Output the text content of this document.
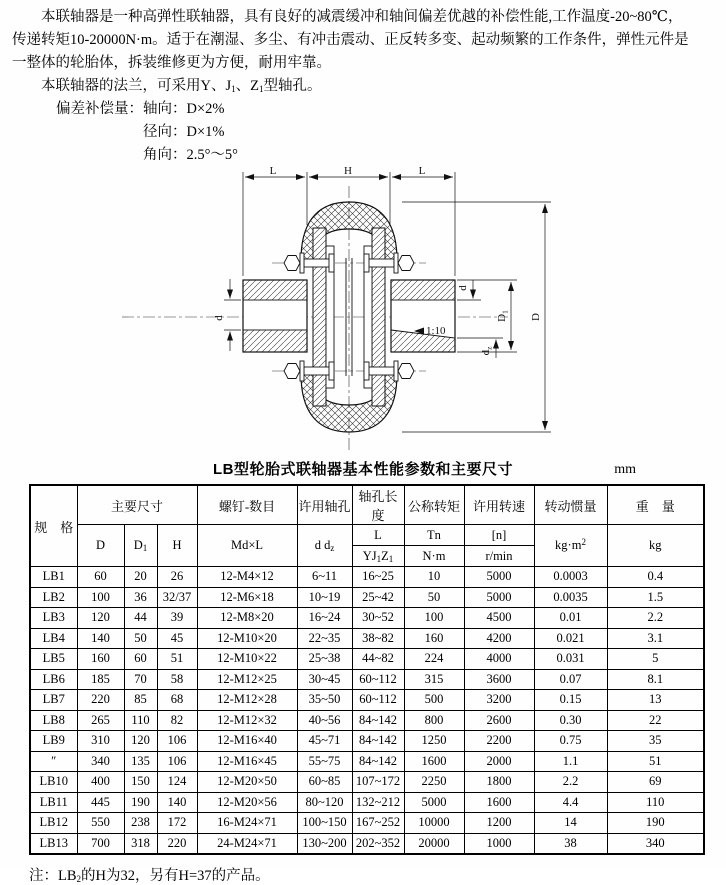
本联轴器是一种高弹性联轴器，具有良好的减震缓冲和轴间偏差优越的补偿性能,工作温度-20~80℃，
传递转矩10-20000N·m。适于在潮湿、多尘、有冲击震动、正反转多变、起动频繁的工作条件，弹性元件是
一整体的轮胎体，拆装维修更为方便，耐用牢靠。
本联轴器的法兰，可采用Y、$J_1$、$Z_1$型轴孔。
偏差补偿量： 轴向：D×2%
径向：D×1%
角向：2.5°～5°
L	H	L
d
d
$d_z$
$D_1$
D
1:10
LB型轮胎式联轴器基本性能参数和主要尺寸	mm
规　格	主要尺寸			螺钉-数目	许用轴孔	轴孔长度	公称转矩	许用转速	转动惯量	重　量
	D	$D_1$	H	Md×L	d $d_z$	L	Tn	[n]	$kg\cdot m^2$	kg
						$YJ_1Z_1$	N·m	r/min		
LB1	60	20	26	12-M4×12	6~11	16~25	10	5000	0.0003	0.4
LB2	100	36	32/37	12-M6×18	10~19	25~42	50	5000	0.0035	1.5
LB3	120	44	39	12-M8×20	16~24	30~52	100	4500	0.01	2.2
LB4	140	50	45	12-M10×20	22~35	38~82	160	4200	0.021	3.1
LB5	160	60	51	12-M10×22	25~38	44~82	224	4000	0.031	5
LB6	185	70	58	12-M12×25	30~45	60~112	315	3600	0.07	8.1
LB7	220	85	68	12-M12×28	35~50	60~112	500	3200	0.15	13
LB8	265	110	82	12-M12×32	40~56	84~142	800	2600	0.30	22
LB9	310	120	106	12-M16×40	45~71	84~142	1250	2200	0.75	35
″	340	135	106	12-M16×45	55~75	84~142	1600	2000	1.1	51
LB10	400	150	124	12-M20×50	60~85	107~172	2250	1800	2.2	69
LB11	445	190	140	12-M20×56	80~120	132~212	5000	1600	4.4	110
LB12	550	238	172	16-M24×71	100~150	167~252	10000	1200	14	190
LB13	700	318	220	24-M24×71	130~200	202~352	20000	1000	38	340
注：$LB_2$的H为32，另有H=37的产品。
